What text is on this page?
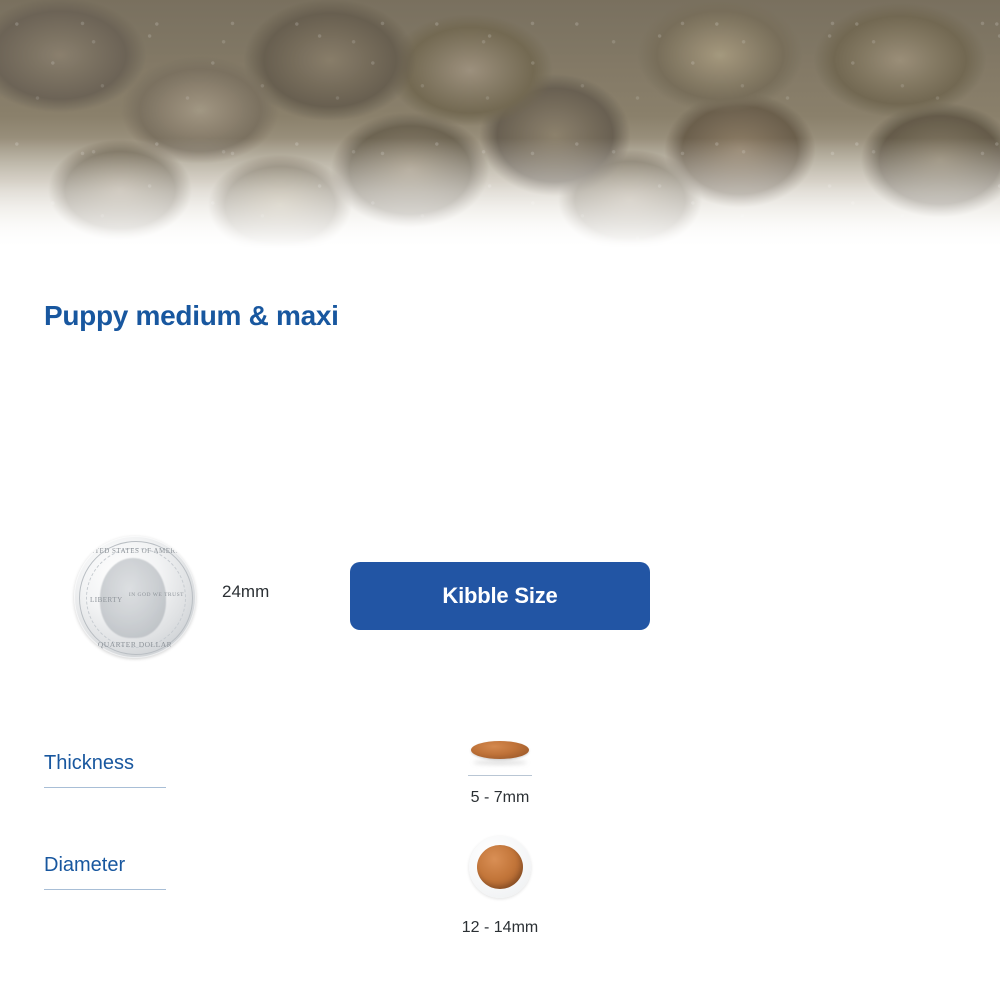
Puppy medium & maxi
UNITED STATES OF AMERICA
LIBERTY
IN GOD WE TRUST
QUARTER DOLLAR
24mm	Kibble Size
Thickness
5 - 7mm
Diameter
12 - 14mm
